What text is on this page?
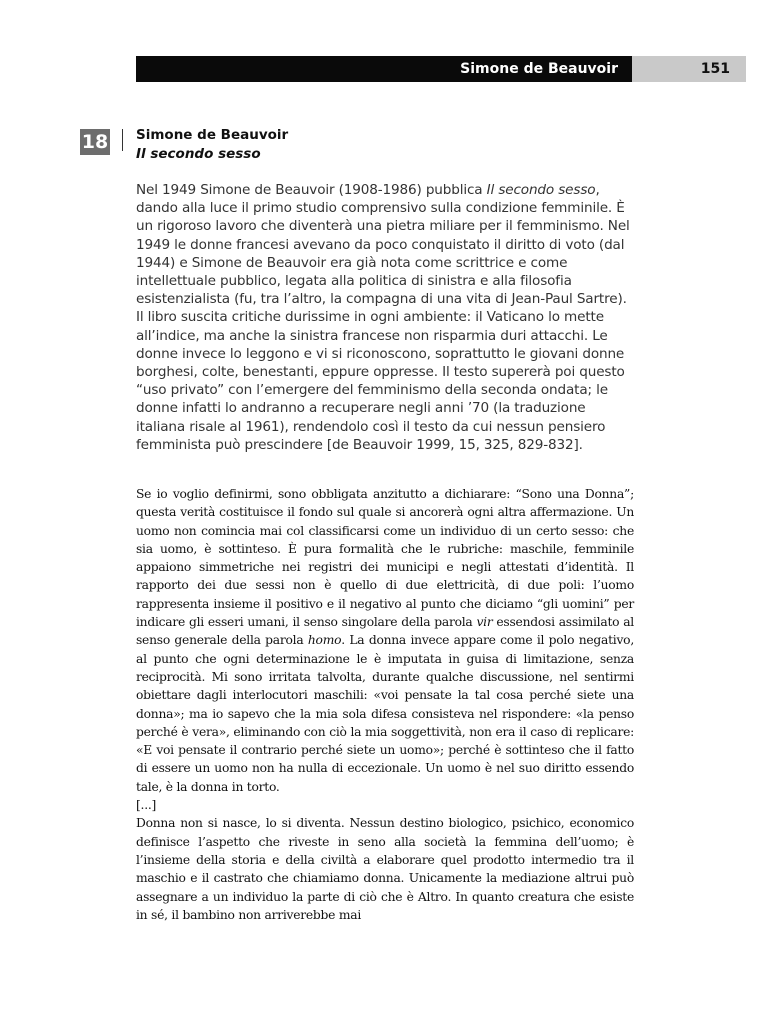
Simone de Beauvoir	151
18 Simone de Beauvoir
Il secondo sesso

Nel 1949 Simone de Beauvoir (1908-1986) pubblica Il secondo sesso, dando alla luce il primo studio comprensivo sulla condizione femminile. È un rigoroso lavoro che diventerà una pietra miliare per il femminismo. Nel 1949 le donne francesi avevano da poco conquistato il diritto di voto (dal 1944) e Simone de Beauvoir era già nota come scrittrice e come intellettuale pubblico, legata alla politica di sinistra e alla filosofia esistenzialista (fu, tra l’altro, la compagna di una vita di Jean-Paul Sartre). Il libro suscita critiche durissime in ogni ambiente: il Vaticano lo mette all’indice, ma anche la sinistra francese non risparmia duri attacchi. Le donne invece lo leggono e vi si riconoscono, soprattutto le giovani donne borghesi, colte, benestanti, eppure oppresse. Il testo supererà poi questo “uso privato” con l’emergere del femminismo della seconda ondata; le donne infatti lo andranno a recuperare negli anni ’70 (la traduzione italiana risale al 1961), rendendolo così il testo da cui nessun pensiero femminista può prescindere [de Beauvoir 1999, 15, 325, 829-832].

Se io voglio definirmi, sono obbligata anzitutto a dichiarare: “Sono una Donna”; questa verità costituisce il fondo sul quale si ancorerà ogni altra affermazione. Un uomo non comincia mai col classificarsi come un individuo di un certo sesso: che sia uomo, è sottinteso. È pura formalità che le rubriche: maschile, femminile appaiono simmetriche nei registri dei municipi e negli attestati d’identità. Il rapporto dei due sessi non è quello di due elettricità, di due poli: l’uomo rappresenta insieme il positivo e il negativo al punto che diciamo “gli uomini” per indicare gli esseri umani, il senso singolare della parola vir essendosi assimilato al senso generale della parola homo. La donna invece appare come il polo negativo, al punto che ogni determinazione le è imputata in guisa di limitazione, senza reciprocità. Mi sono irritata talvolta, durante qualche discussione, nel sentirmi obiettare dagli interlocutori maschili: «voi pensate la tal cosa perché siete una donna»; ma io sapevo che la mia sola difesa consisteva nel rispondere: «la penso perché è vera», eliminando con ciò la mia soggettività, non era il caso di replicare: «E voi pensate il contrario perché siete un uomo»; perché è sottinteso che il fatto di essere un uomo non ha nulla di eccezionale. Un uomo è nel suo diritto essendo tale, è la donna in torto.

[...]

Donna non si nasce, lo si diventa. Nessun destino biologico, psichico, economico definisce l’aspetto che riveste in seno alla società la femmina dell’uomo; è l’insieme della storia e della civiltà a elaborare quel prodotto intermedio tra il maschio e il castrato che chiamiamo donna. Unicamente la mediazione altrui può assegnare a un individuo la parte di ciò che è Altro. In quanto creatura che esiste in sé, il bambino non arriverebbe mai
